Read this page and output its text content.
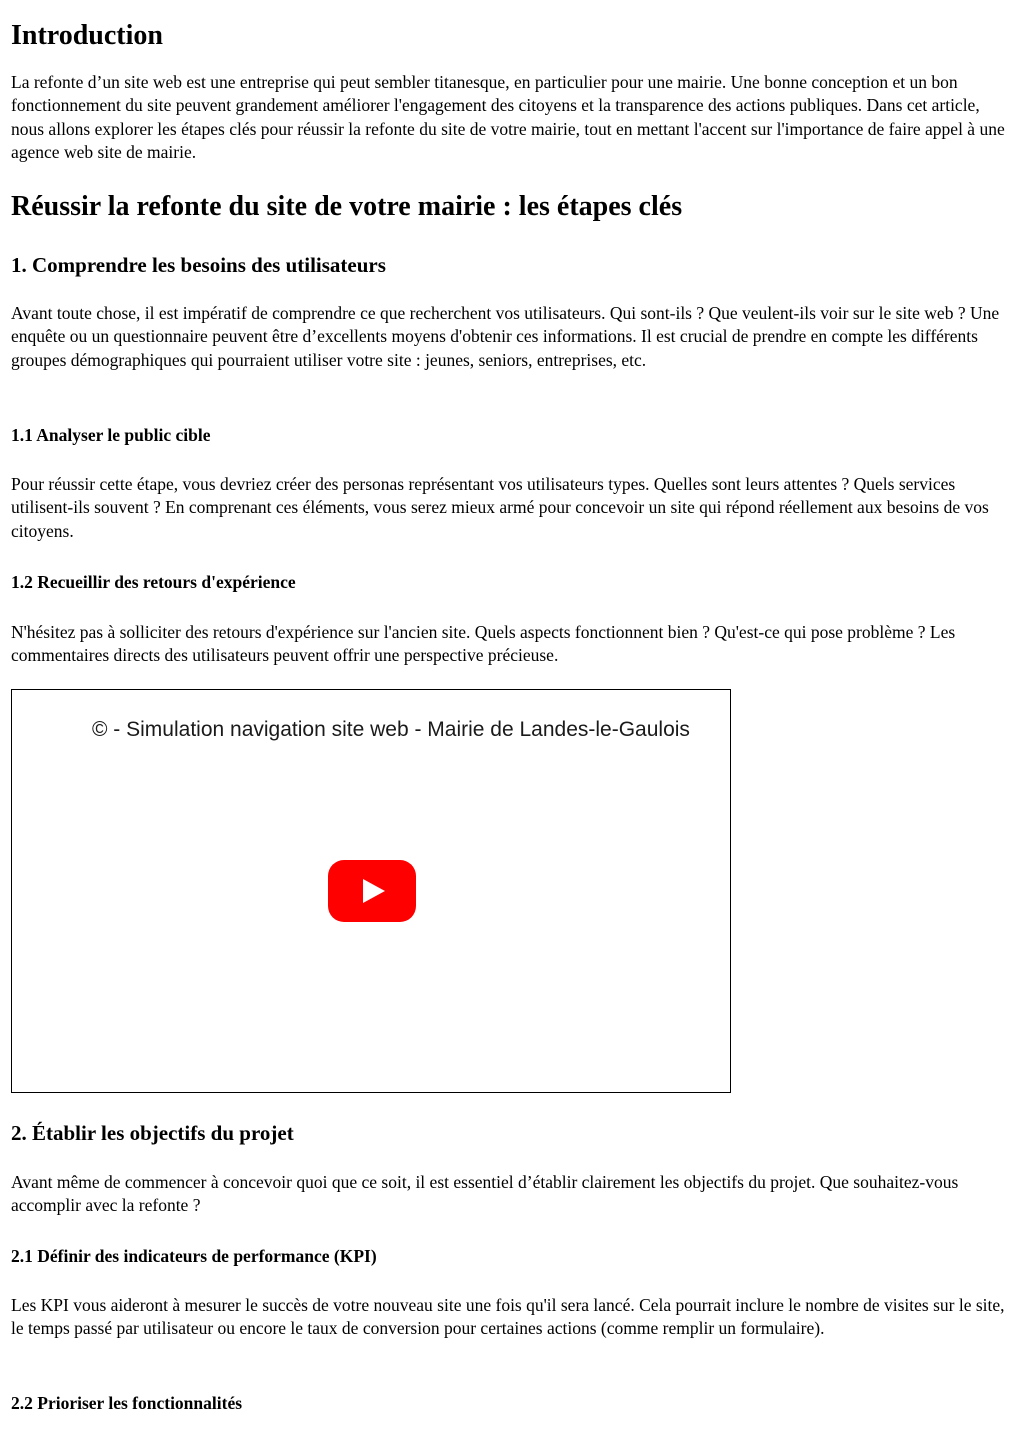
Introduction

La refonte d’un site web est une entreprise qui peut sembler titanesque, en particulier pour une mairie. Une bonne conception et un bon fonctionnement du site peuvent grandement améliorer l'engagement des citoyens et la transparence des actions publiques. Dans cet article, nous allons explorer les étapes clés pour réussir la refonte du site de votre mairie, tout en mettant l'accent sur l'importance de faire appel à une agence web site de mairie.

Réussir la refonte du site de votre mairie : les étapes clés
1. Comprendre les besoins des utilisateurs

Avant toute chose, il est impératif de comprendre ce que recherchent vos utilisateurs. Qui sont-ils ? Que veulent-ils voir sur le site web ? Une enquête ou un questionnaire peuvent être d’excellents moyens d'obtenir ces informations. Il est crucial de prendre en compte les différents groupes démographiques qui pourraient utiliser votre site : jeunes, seniors, entreprises, etc.

1.1 Analyser le public cible

Pour réussir cette étape, vous devriez créer des personas représentant vos utilisateurs types. Quelles sont leurs attentes ? Quels services utilisent-ils souvent ? En comprenant ces éléments, vous serez mieux armé pour concevoir un site qui répond réellement aux besoins de vos citoyens.

1.2 Recueillir des retours d'expérience

N'hésitez pas à solliciter des retours d'expérience sur l'ancien site. Quels aspects fonctionnent bien ? Qu'est-ce qui pose problème ? Les commentaires directs des utilisateurs peuvent offrir une perspective précieuse.

© - Simulation navigation site web - Mairie de Landes-le-Gaulois
2. Établir les objectifs du projet

Avant même de commencer à concevoir quoi que ce soit, il est essentiel d’établir clairement les objectifs du projet. Que souhaitez-vous accomplir avec la refonte ?

2.1 Définir des indicateurs de performance (KPI)

Les KPI vous aideront à mesurer le succès de votre nouveau site une fois qu'il sera lancé. Cela pourrait inclure le nombre de visites sur le site, le temps passé par utilisateur ou encore le taux de conversion pour certaines actions (comme remplir un formulaire).

2.2 Prioriser les fonctionnalités
